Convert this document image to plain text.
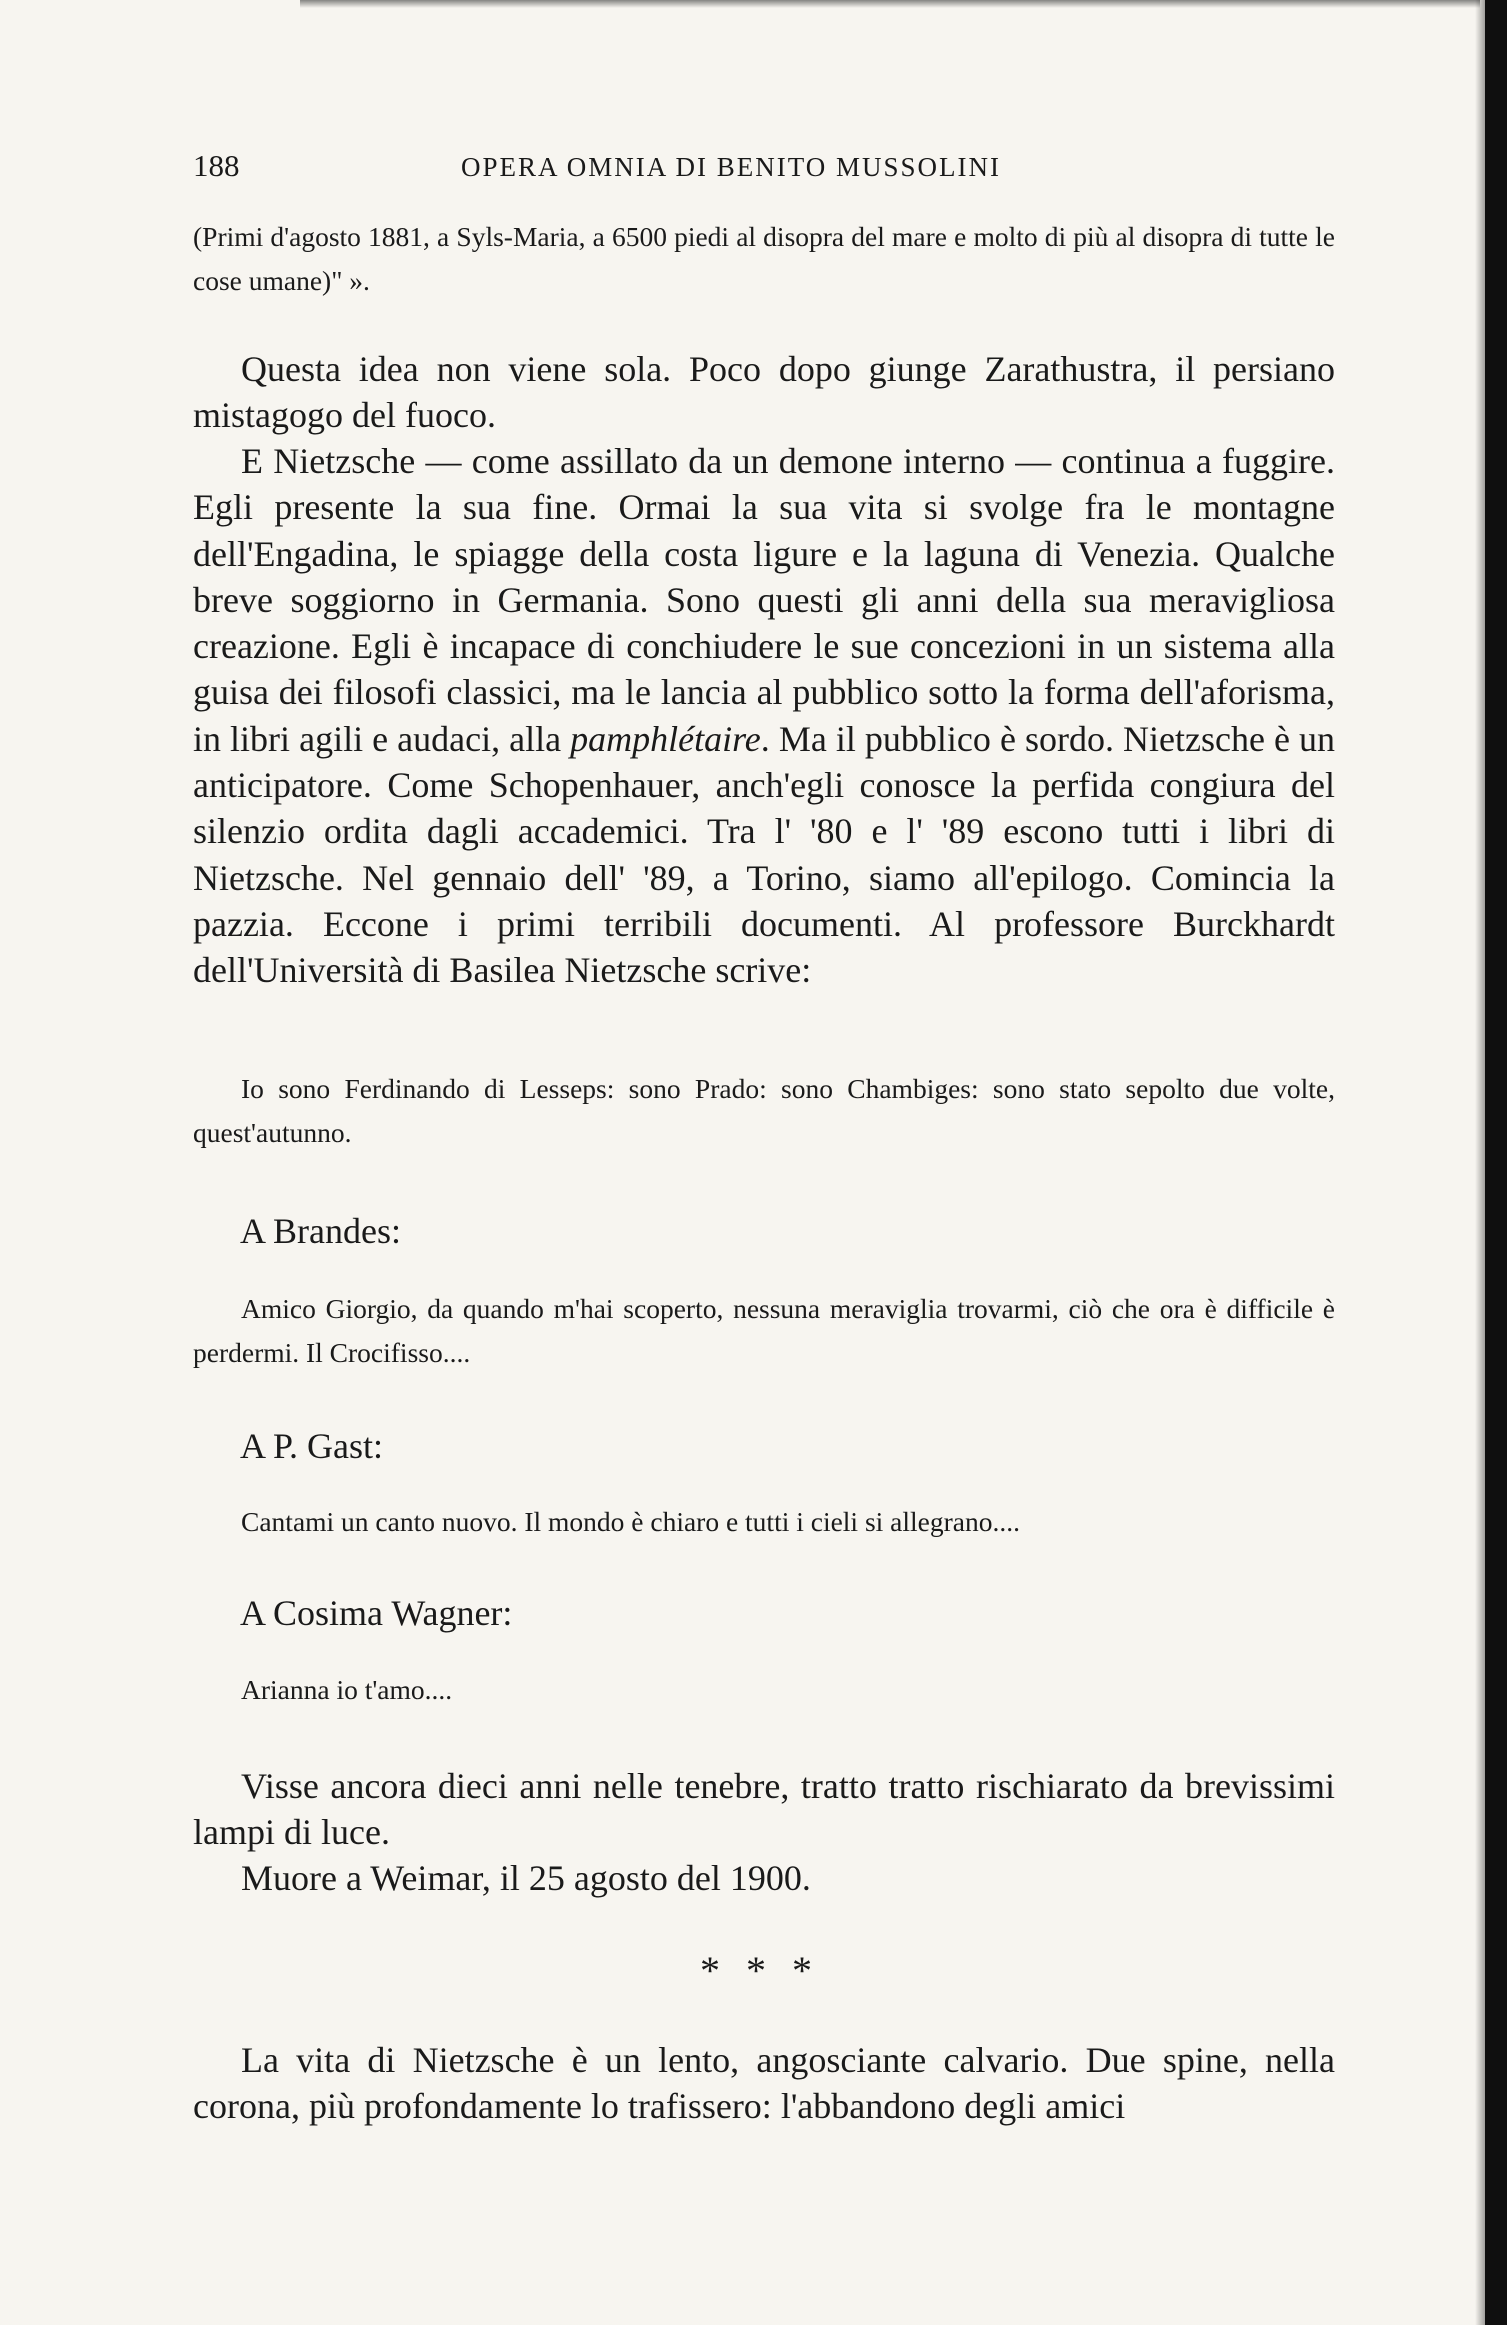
188	OPERA OMNIA DI BENITO MUSSOLINI
(Primi d'agosto 1881, a Syls-Maria, a 6500 piedi al disopra del mare e molto di più al disopra di tutte le cose umane)" ».
Questa idea non viene sola. Poco dopo giunge Zarathustra, il persiano mistagogo del fuoco.
E Nietzsche — come assillato da un demone interno — continua a fuggire. Egli presente la sua fine. Ormai la sua vita si svolge fra le montagne dell'Engadina, le spiagge della costa ligure e la laguna di Venezia. Qualche breve soggiorno in Germania. Sono questi gli anni della sua meravigliosa creazione. Egli è incapace di conchiudere le sue concezioni in un sistema alla guisa dei filosofi classici, ma le lancia al pubblico sotto la forma dell'aforisma, in libri agili e audaci, alla pamphlétaire. Ma il pubblico è sordo. Nietzsche è un anticipatore. Come Schopenhauer, anch'egli conosce la perfida congiura del silenzio ordita dagli accademici. Tra l' '80 e l' '89 escono tutti i libri di Nietzsche. Nel gennaio dell' '89, a Torino, siamo all'epilogo. Comincia la pazzia. Eccone i primi terribili documenti. Al professore Burckhardt dell'Università di Basilea Nietzsche scrive:
Io sono Ferdinando di Lesseps: sono Prado: sono Chambiges: sono stato sepolto due volte, quest'autunno.
A Brandes:
Amico Giorgio, da quando m'hai scoperto, nessuna meraviglia trovarmi, ciò che ora è difficile è perdermi. Il Crocifisso....
A P. Gast:
Cantami un canto nuovo. Il mondo è chiaro e tutti i cieli si allegrano....
A Cosima Wagner:
Arianna io t'amo....
Visse ancora dieci anni nelle tenebre, tratto tratto rischiarato da brevissimi lampi di luce.
Muore a Weimar, il 25 agosto del 1900.
* * *
La vita di Nietzsche è un lento, angosciante calvario. Due spine, nella corona, più profondamente lo trafissero: l'abbandono degli amici
